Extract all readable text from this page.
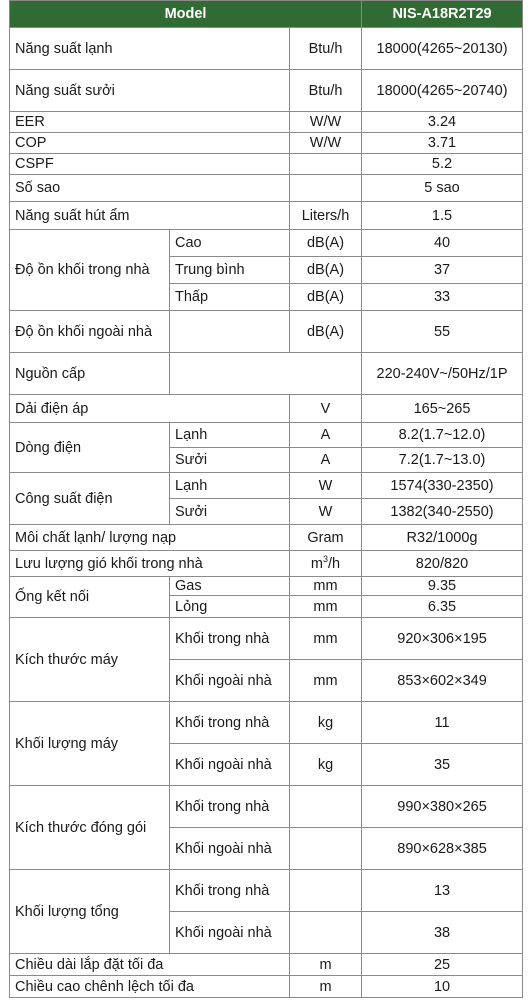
Model			NIS-A18R2T29
Năng suất lạnh		Btu/h	18000(4265~20130)
Năng suất sưởi		Btu/h	18000(4265~20740)
EER		W/W	3.24
COP		W/W	3.71
CSPF			5.2
Số sao			5 sao
Năng suất hút ẩm		Liters/h	1.5
Độ ồn khối trong nhà	Cao	dB(A)	40
	Trung bình	dB(A)	37
	Thấp	dB(A)	33
Độ ồn khối ngoài nhà		dB(A)	55
Nguồn cấp			220-240V~/50Hz/1P
Dải điện áp		V	165~265
Dòng điện	Lạnh	A	8.2(1.7~12.0)
	Sưởi	A	7.2(1.7~13.0)
Công suất điện	Lạnh	W	1574(330-2350)
	Sưởi	W	1382(340-2550)
Môi chất lạnh/ lượng nạp		Gram	R32/1000g
Lưu lượng gió khối trong nhà		$m^3/h$	820/820
Ống kết nối	Gas	mm	9.35
	Lỏng	mm	6.35
Kích thước máy	Khối trong nhà	mm	920×306×195
	Khối ngoài nhà	mm	853×602×349
Khối lượng máy	Khối trong nhà	kg	11
	Khối ngoài nhà	kg	35
Kích thước đóng gói	Khối trong nhà		990×380×265
	Khối ngoài nhà		890×628×385
Khối lượng tổng	Khối trong nhà		13
	Khối ngoài nhà		38
Chiều dài lắp đặt tối đa		m	25
Chiều cao chênh lệch tối đa		m	10
